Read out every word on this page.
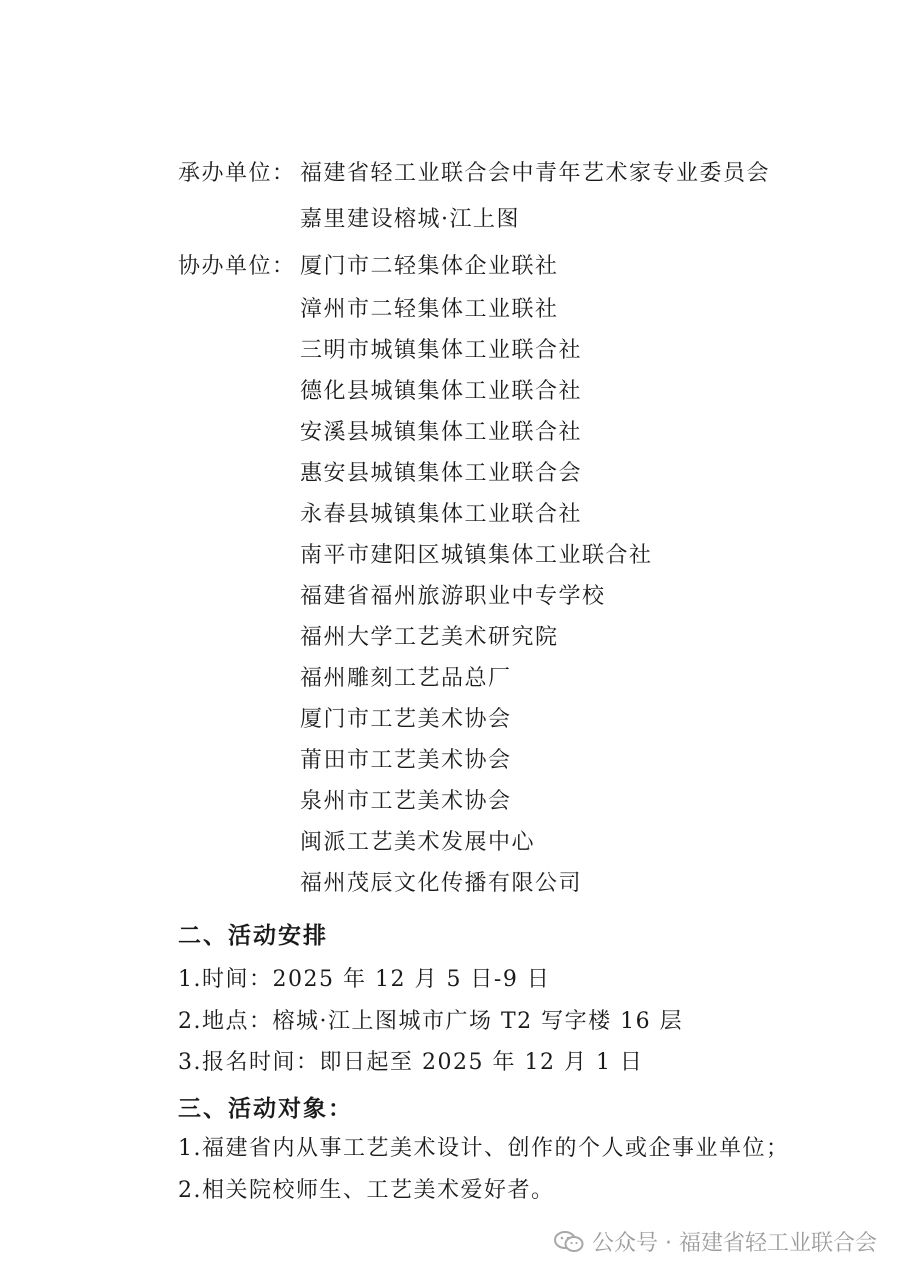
承办单位： 福建省轻工业联合会中青年艺术家专业委员会
嘉里建设榕城·江上图
协办单位： 厦门市二轻集体企业联社
漳州市二轻集体工业联社
三明市城镇集体工业联合社
德化县城镇集体工业联合社
安溪县城镇集体工业联合社
惠安县城镇集体工业联合会
永春县城镇集体工业联合社
南平市建阳区城镇集体工业联合社
福建省福州旅游职业中专学校
福州大学工艺美术研究院
福州雕刻工艺品总厂
厦门市工艺美术协会
莆田市工艺美术协会
泉州市工艺美术协会
闽派工艺美术发展中心
福州茂辰文化传播有限公司
二、活动安排
1.时间：2025 年 12 月 5 日-9 日
2.地点：榕城·江上图城市广场 T2 写字楼 16 层
3.报名时间：即日起至 2025 年 12 月 1 日
三、活动对象：
1.福建省内从事工艺美术设计、创作的个人或企事业单位；
2.相关院校师生、工艺美术爱好者。
公众号 · 福建省轻工业联合会
